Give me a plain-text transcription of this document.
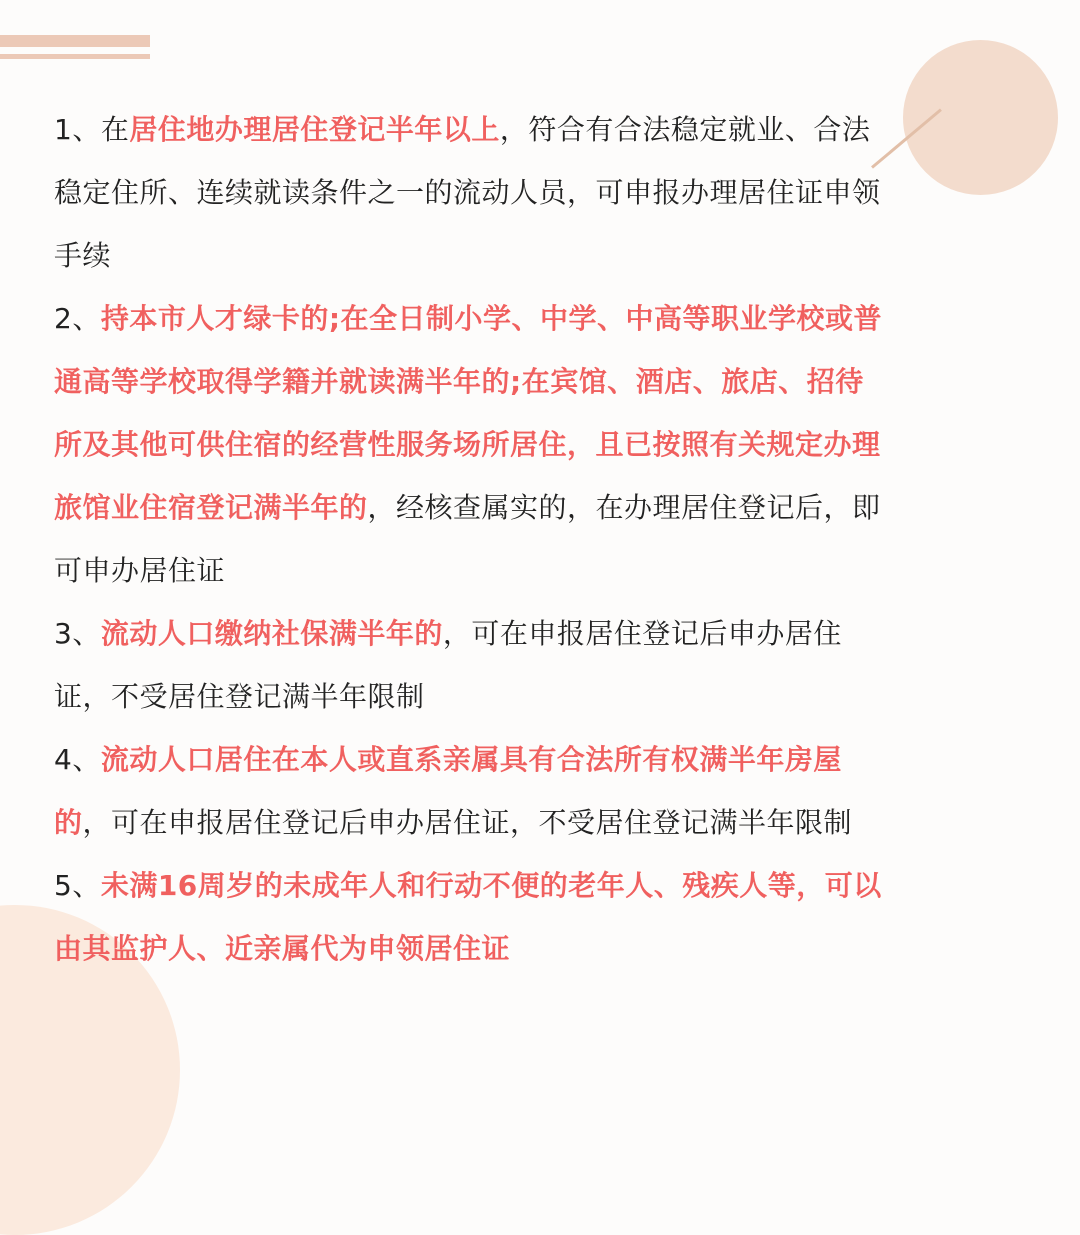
1、在居住地办理居住登记半年以上，符合有合法稳定就业、合法稳定住所、连续就读条件之一的流动人员，可申报办理居住证申领手续
2、持本市人才绿卡的;在全日制小学、中学、中高等职业学校或普通高等学校取得学籍并就读满半年的;在宾馆、酒店、旅店、招待所及其他可供住宿的经营性服务场所居住，且已按照有关规定办理旅馆业住宿登记满半年的，经核查属实的，在办理居住登记后，即可申办居住证
3、流动人口缴纳社保满半年的，可在申报居住登记后申办居住证，不受居住登记满半年限制
4、流动人口居住在本人或直系亲属具有合法所有权满半年房屋的，可在申报居住登记后申办居住证，不受居住登记满半年限制
5、未满16周岁的未成年人和行动不便的老年人、残疾人等，可以由其监护人、近亲属代为申领居住证
